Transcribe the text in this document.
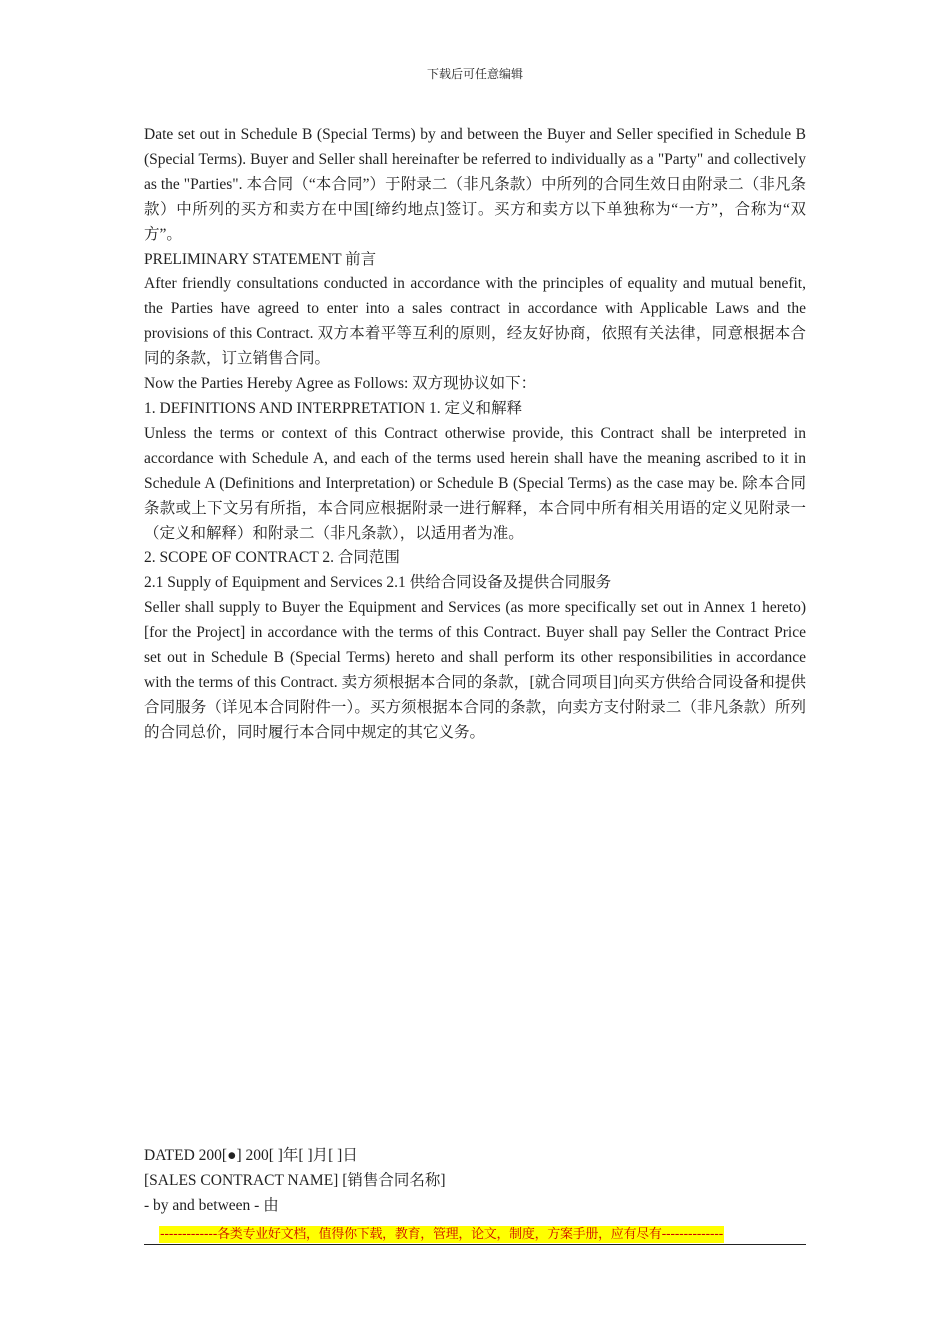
下载后可任意编辑

Date set out in Schedule B (Special Terms) by and between the Buyer and Seller specified in Schedule B (Special Terms). Buyer and Seller shall hereinafter be referred to individually as a "Party" and collectively as the "Parties". 本合同（“本合同”）于附录二（非凡条款）中所列的合同生效日由附录二（非凡条款）中所列的买方和卖方在中国[缔约地点]签订。买方和卖方以下单独称为“一方”，合称为“双方”。

PRELIMINARY STATEMENT 前言

After friendly consultations conducted in accordance with the principles of equality and mutual benefit, the Parties have agreed to enter into a sales contract in accordance with Applicable Laws and the provisions of this Contract. 双方本着平等互利的原则，经友好协商，依照有关法律，同意根据本合同的条款，订立销售合同。

Now the Parties Hereby Agree as Follows: 双方现协议如下：

1. DEFINITIONS AND INTERPRETATION 1. 定义和解释

Unless the terms or context of this Contract otherwise provide, this Contract shall be interpreted in accordance with Schedule A, and each of the terms used herein shall have the meaning ascribed to it in Schedule A (Definitions and Interpretation) or Schedule B (Special Terms) as the case may be. 除本合同条款或上下文另有所指，本合同应根据附录一进行解释，本合同中所有相关用语的定义见附录一（定义和解释）和附录二（非凡条款），以适用者为准。

2. SCOPE OF CONTRACT 2. 合同范围

2.1 Supply of Equipment and Services 2.1 供给合同设备及提供合同服务

Seller shall supply to Buyer the Equipment and Services (as more specifically set out in Annex 1 hereto) [for the Project] in accordance with the terms of this Contract. Buyer shall pay Seller the Contract Price set out in Schedule B (Special Terms) hereto and shall perform its other responsibilities in accordance with the terms of this Contract. 卖方须根据本合同的条款，[就合同项目]向买方供给合同设备和提供合同服务（详见本合同附件一）。买方须根据本合同的条款，向卖方支付附录二（非凡条款）所列的合同总价，同时履行本合同中规定的其它义务。

DATED 200[●] 200[ ]年[ ]月[ ]日

[SALES CONTRACT NAME] [销售合同名称]

- by and between - 由

-------------各类专业好文档，值得你下载，教育，管理，论文，制度，方案手册，应有尽有--------------
